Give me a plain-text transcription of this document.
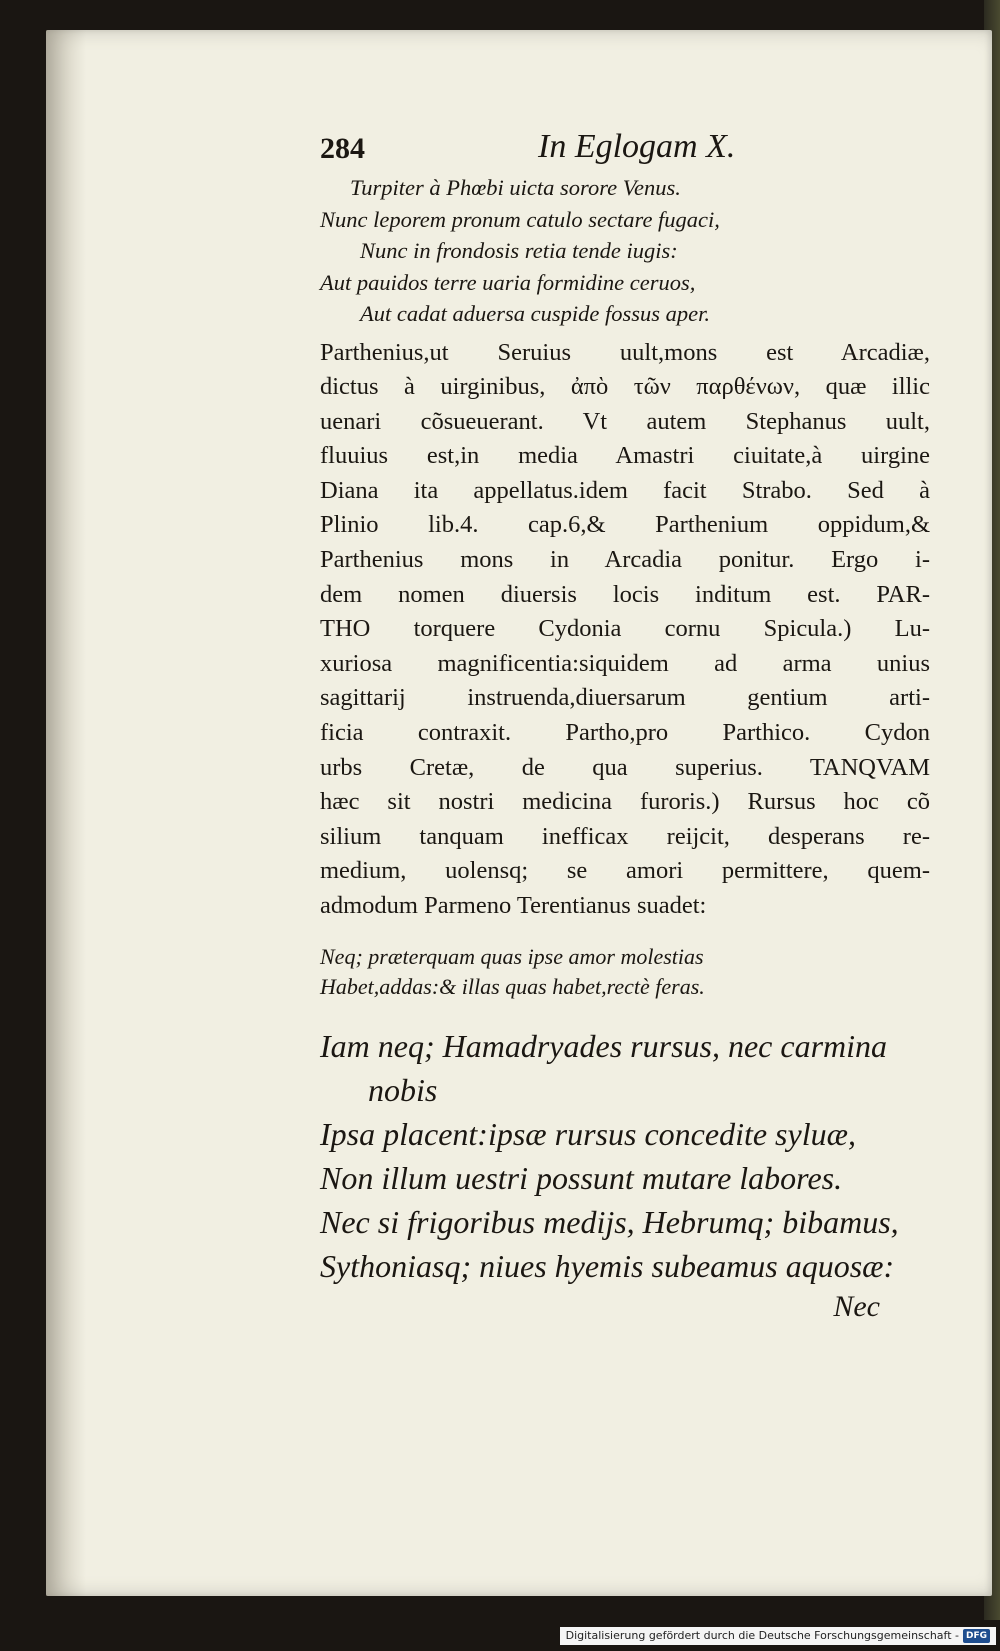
284	In Eglogam X.
Turpiter à Phœbi uicta sorore Venus.
Nunc leporem pronum catulo sectare fugaci,
Nunc in frondosis retia tende iugis:
Aut pauidos terre uaria formidine ceruos,
Aut cadat aduersa cuspide fossus aper.
Parthenius,ut Seruius uult,mons est Arcadiæ,
dictus à uirginibus, ἀπὸ τῶν παρθένων, quæ illic
uenari cõsueuerant. Vt autem Stephanus uult,
fluuius est,in media Amastri ciuitate,à uirgine
Diana ita appellatus.idem facit Strabo. Sed à
Plinio lib.4. cap.6,& Parthenium oppidum,&
Parthenius mons in Arcadia ponitur. Ergo i-
dem nomen diuersis locis inditum est. PAR-
THO torquere Cydonia cornu Spicula.) Lu-
xuriosa magnificentia:siquidem ad arma unius
sagittarij instruenda,diuersarum gentium arti-
ficia contraxit. Partho,pro Parthico. Cydon
urbs Cretæ, de qua superius. TANQVAM
hæc sit nostri medicina furoris.) Rursus hoc cõ
silium tanquam inefficax reijcit, desperans re-
medium, uolensq; se amori permittere, quem-
admodum Parmeno Terentianus suadet:
Neq; præterquam quas ipse amor molestias
Habet,addas:& illas quas habet,rectè feras.
Iam neq; Hamadryades rursus, nec carmina
nobis
Ipsa placent:ipsæ rursus concedite syluæ,
Non illum uestri possunt mutare labores.
Nec si frigoribus medijs, Hebrumq; bibamus,
Sythoniasq; niues hyemis subeamus aquosæ:
Nec
Digitalisierung gefördert durch die Deutsche Forschungsgemeinschaft - DFG
